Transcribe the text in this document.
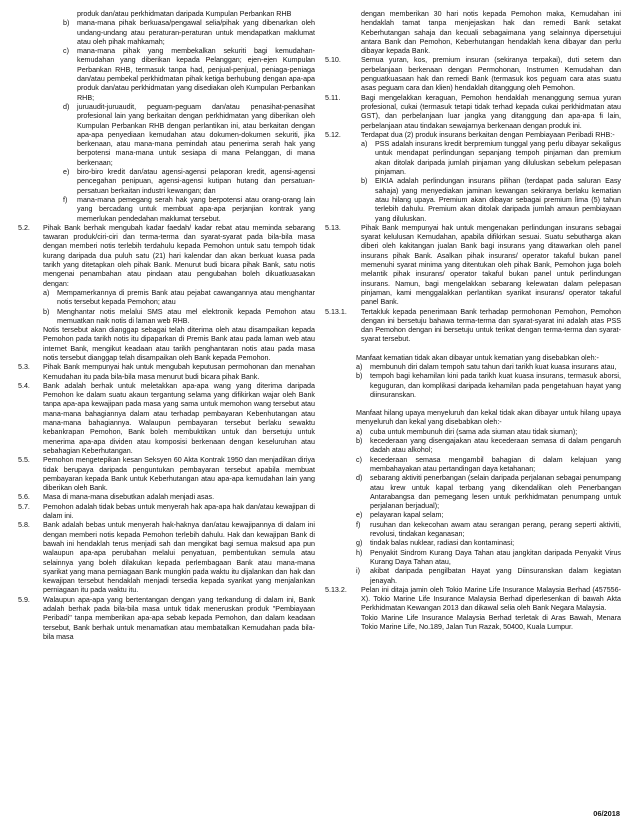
produk dan/atau perkhidmatan daripada Kumpulan Perbankan RHB
b)	mana-mana pihak berkuasa/pengawal selia/pihak yang dibenarkan oleh undang-undang atau peraturan-peraturan untuk mendapatkan maklumat atau oleh pihak mahkamah;
c)	mana-mana pihak yang membekalkan sekuriti bagi kemudahan-kemudahan yang diberikan kepada Pelanggan; ejen-ejen Kumpulan Perbankan RHB, termasuk tanpa had, penjual-penjual, peniaga-peniaga dan/atau pembekal perkhidmatan pihak ketiga berhubung dengan apa-apa produk dan/atau perkhidmatan yang disediakan oleh Kumpulan Perbankan RHB;
d)	juruaudit-juruaudit, peguam-peguam dan/atau penasihat-penasihat profesional lain yang berkaitan dengan perkhidmatan yang diberikan oleh Kumpulan Perbankan RHB dengan perlantikan ini, atau berkaitan dengan apa-apa penyediaan kemudahan atau dokumen-dokumen sekuriti, jika berkenaan, atau mana-mana pemindah atau penerima serah hak yang berpotensi mana-mana untuk sesiapa di mana Pelanggan, di mana berkenaan;
e)	biro-biro kredit dan/atau agensi-agensi pelaporan kredit, agensi-agensi pencegahan penipuan, agensi-agensi kutipan hutang dan persatuan-persatuan berkaitan industri kewangan; dan
f)	mana-mana pemegang serah hak yang berpotensi atau orang-orang lain yang bercadang untuk membuat apa-apa perjanjian kontrak yang memerlukan pendedahan maklumat tersebut.
5.2.	Pihak Bank berhak mengubah kadar faedah/ kadar rebat atau meminda sebarang tawaran produk/ciri-ciri dan terma-terma dan syarat-syarat pada bila-bila masa dengan memberi notis terlebih terdahulu kepada Pemohon untuk satu tempoh tidak kurang daripada dua puluh satu (21) hari kalendar dan akan berkuat kuasa pada tarikh yang ditetapkan oleh pihak Bank. Menurut budi bicara pihak Bank, satu notis mengenai penambahan atau pindaan atau pengubahan boleh dikuatkuasakan dengan:

a)	Mempamerkannya di premis Bank atau pejabat cawangannya atau menghantar notis tersebut kepada Pemohon; atau
b)	Menghantar notis melalui SMS atau mel elektronik kepada Pemohon atau memuatkan naik notis di laman web RHB.

Notis tersebut akan dianggap sebagai telah diterima oleh atau disampaikan kepada Pemohon pada tarikh notis itu dipaparkan di Premis Bank atau pada laman web atau internet Bank, mengikut keadaan atau tarikh penghantaran notis atau pada masa notis tersebut dianggap telah disampaikan oleh Bank kepada Pemohon.

5.3.	Pihak Bank mempunyai hak untuk mengubah keputusan permohonan dan menahan Kemudahan itu pada bila-bila masa menurut budi bicara pihak Bank.

5.4.	Bank adalah berhak untuk meletakkan apa-apa wang yang diterima daripada Pemohon ke dalam suatu akaun tergantung selama yang difikirkan wajar oleh Bank tanpa apa-apa kewajipan pada masa yang sama untuk memohon wang tersebut atau mana-mana bahagiannya dalam atau terhadap pembayaran Kebenhutangan atau mana-mana bahagiannya. Walaupun pembayaran tersebut berlaku sewaktu kebankrapan Pemohon, Bank boleh membuktikan untuk dan bersetuju untuk menerima apa-apa dividen atau komposisi berkenaan dengan keseluruhan atau sebahagian Keberhutangan.

5.5.	Pemohon mengetepikan kesan Seksyen 60 Akta Kontrak 1950 dan menjadikan diriya tidak berupaya daripada penguntukan pembayaran tersebut apabila membuat pembayaran kepada Bank untuk Keberhutangan atau apa-apa kemudahan lain yang diberikan oleh Bank.

5.6.	Masa di mana-mana disebutkan adalah menjadi asas.

5.7.	Pemohon adalah tidak bebas untuk menyerah hak apa-apa hak dan/atau kewajipan di dalam ini.

5.8.	Bank adalah bebas untuk menyerah hak-haknya dan/atau kewajipannya di dalam ini dengan memberi notis kepada Pemohon terlebih dahulu. Hak dan kewajipan Bank di bawah ini hendaklah terus menjadi sah dan mengikat bagi semua maksud apa pun walaupun apa-apa perubahan melalui penyatuan, pembentukan semula atau selainnya yang boleh dilakukan kepada perlembagaan Bank atau mana-mana syarikat yang mana perniagaan Bank mungkin pada waktu itu dijalankan dan hak dan kewajipan tersebut hendaklah menjadi tersedia kepada syarikat yang menjalankan perniagaan itu pada waktu itu.

5.9.	Walaupun apa-apa yang bertentangan dengan yang terkandung di dalam ini, Bank adalah berhak pada bila-bila masa untuk tidak meneruskan produk "Pembiayaan Peribadi" tanpa memberikan apa-apa sebab kepada Pemohon, dan dalam keadaan tersebut, Bank berhak untuk menamatkan atau membatalkan Kemudahan pada bila-bila masa

dengan memberikan 30 hari notis kepada Pemohon maka, Kemudahan ini hendaklah tamat tanpa menjejaskan hak dan remedi Bank setakat Keberhutangan sahaja dan kecuali sebagaimana yang selainnya dipersetujui antara Bank dan Pemohon, Keberhutangan hendaklah kena dibayar dan perlu dibayar kepada Bank.

5.10.	Semua yuran, kos, premium insuran (sekiranya terpakai), duti setem dan perbelanjaan berkenaan dengan Permohonan, Instrumen Kemudahan dan penguatkuasaan hak dan remedi Bank (termasuk kos peguam cara atas suatu asas peguam cara dan klien) hendaklah ditanggung oleh Pemohon.

5.11.	Bagi mengelakkan keraguan, Pemohon hendaklah menanggung semua yuran profesional, cukai (termasuk tetapi tidak terhad kepada cukai perkhidmatan atau GST), dan perbelanjaan luar jangka yang ditanggung dan apa-apa fi lain, perbelanjaan atau tindakan sewajarnya berkenaan dengan produk ini.

5.12.	Terdapat dua (2) produk insurans berkaitan dengan Pembiayaan Peribadi RHB:-

a)	PSS adalah insurans kredit berpremium tunggal yang perlu dibayar sekaligus untuk mendapat perlindungan sepanjang tempoh pinjaman dan premium akan ditolak daripada jumlah pinjaman yang diluluskan sebelum pelepasan pinjaman.
b)	EIKIA adalah perlindungan insurans pilihan (terdapat pada saluran Easy sahaja) yang menyediakan jaminan kewangan sekiranya berlaku kematian atau hilang upaya. Premium akan dibayar sebagai premium lima (5) tahun terlebih dahulu. Premium akan ditolak daripada jumlah amaun pembiayaan yang diluluskan.
5.13.	Pihak Bank mempunyai hak untuk mengenakan perlindungan insurans sebagai syarat kelulusan Kemudahan, apabila difikirkan sesuai. Suatu sebutharga akan diberi oleh kakitangan jualan Bank bagi insurans yang ditawarkan oleh panel insurans pihak Bank. Asalkan pihak insurans/ operator takaful bukan panel memenuhi syarat minima yang ditentukan oleh pihak Bank, Pemohon juga boleh melantik pihak insurans/ operator takaful bukan panel untuk perlindungan insurans. Namun, bagi mengelakkan sebarang kelewatan dalam pelepasan pinjaman, kami menggalakkan perlantikan syarikat insurans/ operator takaful panel Bank.

5.13.1.	Tertakluk kepada penerimaan Bank terhadap permohonan Pemohon, Pemohon dengan ini bersetuju bahawa terma-terma dan syarat-syarat ini adalah atas PSS dan Pemohon dengan ini bersetuju untuk terikat dengan terma-terma dan syarat-syarat tersebut.

Manfaat kematian tidak akan dibayar untuk kematian yang disebabkan oleh:-

a)	membunuh diri dalam tempoh satu tahun dari tarikh kuat kuasa insurans atau,
b)	tempoh bagi kehamilan kini pada tarikh kuat kuasa insurans, termasuk aborsi, keguguran, dan komplikasi daripada kehamilan pada pengetahuan hayat yang diinsuranskan.

Manfaat hilang upaya menyeluruh dan kekal tidak akan dibayar untuk hilang upaya menyeluruh dan kekal yang disebabkan oleh:-

a)	cuba untuk membunuh diri (sama ada siuman atau tidak siuman);
b)	kecederaan yang disengajakan atau kecederaan semasa di dalam pengaruh dadah atau alkohol;
c)	kecederaan semasa mengambil bahagian di dalam kelajuan yang membahayakan atau pertandingan daya ketahanan;
d)	sebarang aktiviti penerbangan (selain daripada perjalanan sebagai penumpang atau krew untuk kapal terbang yang dikendalikan oleh Penerbangan Antarabangsa dan pemegang lesen untuk perkhidmatan penumpang untuk perjalanan berjadual);
e)	pelayaran kapal selam;
f)	rusuhan dan kekecohan awam atau serangan perang, perang seperti aktiviti, revolusi, tindakan keganasan;
g)	tindak balas nuklear, radiasi dan kontaminasi;
h)	Penyakit Sindrom Kurang Daya Tahan atau jangkitan daripada Penyakit Virus Kurang Daya Tahan atau,
i)	akibat daripada pengilbatan Hayat yang Diinsuranskan dalam kegiatan jenayah.
5.13.2.	Pelan ini ditaja jamin oleh Tokio Marine Life Insurance Malaysia Berhad (457556-X). Tokio Marine Life Insurance Malaysia Berhad diperlesenkan di bawah Akta Perkhidmatan Kewangan 2013 dan dikawal selia oleh Bank Negara Malaysia.

Tokio Marine Life Insurance Malaysia Berhad terletak di Aras Bawah, Menara Tokio Marine Life, No.189, Jalan Tun Razak, 50400, Kuala Lumpur.

06/2018
